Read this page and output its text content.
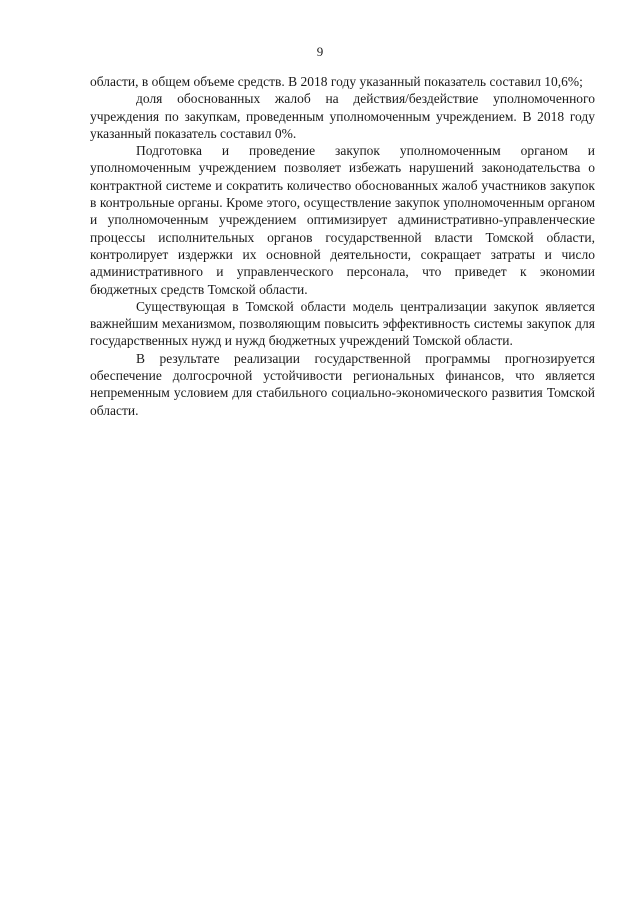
9

области, в общем объеме средств. В 2018 году указанный показатель составил 10,6%;

доля обоснованных жалоб на действия/бездействие уполномоченного учреждения по закупкам, проведенным уполномоченным учреждением. В 2018 году указанный показатель составил 0%.

Подготовка и проведение закупок уполномоченным органом и уполномоченным учреждением позволяет избежать нарушений законодательства о контрактной системе и сократить количество обоснованных жалоб участников закупок в контрольные органы. Кроме этого, осуществление закупок уполномоченным органом и уполномоченным учреждением оптимизирует административно-управленческие процессы исполнительных органов государственной власти Томской области, контролирует издержки их основной деятельности, сокращает затраты и число административного и управленческого персонала, что приведет к экономии бюджетных средств Томской области.

Существующая в Томской области модель централизации закупок является важнейшим механизмом, позволяющим повысить эффективность системы закупок для государственных нужд и нужд бюджетных учреждений Томской области.

В результате реализации государственной программы прогнозируется обеспечение долгосрочной устойчивости региональных финансов, что является непременным условием для стабильного социально-экономического развития Томской области.
